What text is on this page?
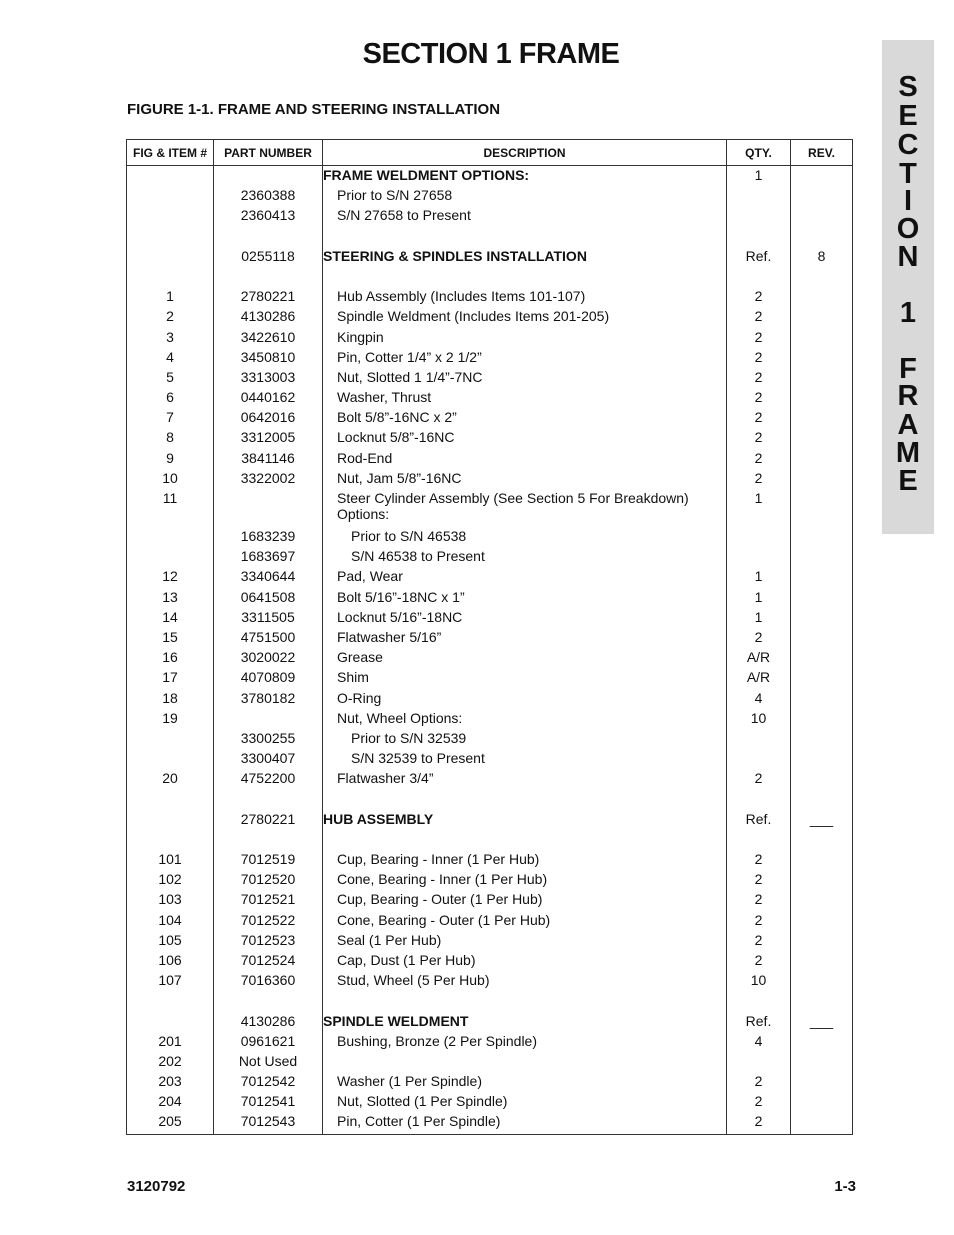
SECTION 1 FRAME
FIGURE 1-1. FRAME AND STEERING INSTALLATION
S
E
C
T
I
O
N
1
F
R
A
M
E
FIG & ITEM #	PART NUMBER	DESCRIPTION	QTY.	REV.
		FRAME WELDMENT OPTIONS:	1	
	2360388	Prior to S/N 27658		
	2360413	S/N 27658 to Present		

	0255118	STEERING & SPINDLES INSTALLATION	Ref.	8

1	2780221	Hub Assembly (Includes Items 101-107)	2	
2	4130286	Spindle Weldment (Includes Items 201-205)	2	
3	3422610	Kingpin	2	
4	3450810	Pin, Cotter 1/4” x 2 1/2”	2	
5	3313003	Nut, Slotted 1 1/4”-7NC	2	
6	0440162	Washer, Thrust	2	
7	0642016	Bolt 5/8”-16NC x 2”	2	
8	3312005	Locknut 5/8”-16NC	2	
9	3841146	Rod-End	2	
10	3322002	Nut, Jam 5/8”-16NC	2	
11		Steer Cylinder Assembly (See Section 5 For Breakdown) Options:	1	
	1683239	Prior to S/N 46538		
	1683697	S/N 46538 to Present		
12	3340644	Pad, Wear	1	
13	0641508	Bolt 5/16”-18NC x 1”	1	
14	3311505	Locknut 5/16”-18NC	1	
15	4751500	Flatwasher 5/16”	2	
16	3020022	Grease	A/R	
17	4070809	Shim	A/R	
18	3780182	O-Ring	4	
19		Nut, Wheel Options:	10	
	3300255	Prior to S/N 32539		
	3300407	S/N 32539 to Present		
20	4752200	Flatwasher 3/4”	2	

	2780221	HUB ASSEMBLY	Ref.	___

101	7012519	Cup, Bearing - Inner (1 Per Hub)	2	
102	7012520	Cone, Bearing - Inner (1 Per Hub)	2	
103	7012521	Cup, Bearing - Outer (1 Per Hub)	2	
104	7012522	Cone, Bearing - Outer (1 Per Hub)	2	
105	7012523	Seal (1 Per Hub)	2	
106	7012524	Cap, Dust (1 Per Hub)	2	
107	7016360	Stud, Wheel (5 Per Hub)	10	

	4130286	SPINDLE WELDMENT	Ref.	___
201	0961621	Bushing, Bronze (2 Per Spindle)	4	
202	Not Used			
203	7012542	Washer (1 Per Spindle)	2	
204	7012541	Nut, Slotted (1 Per Spindle)	2	
205	7012543	Pin, Cotter (1 Per Spindle)	2	
3120792	1-3
